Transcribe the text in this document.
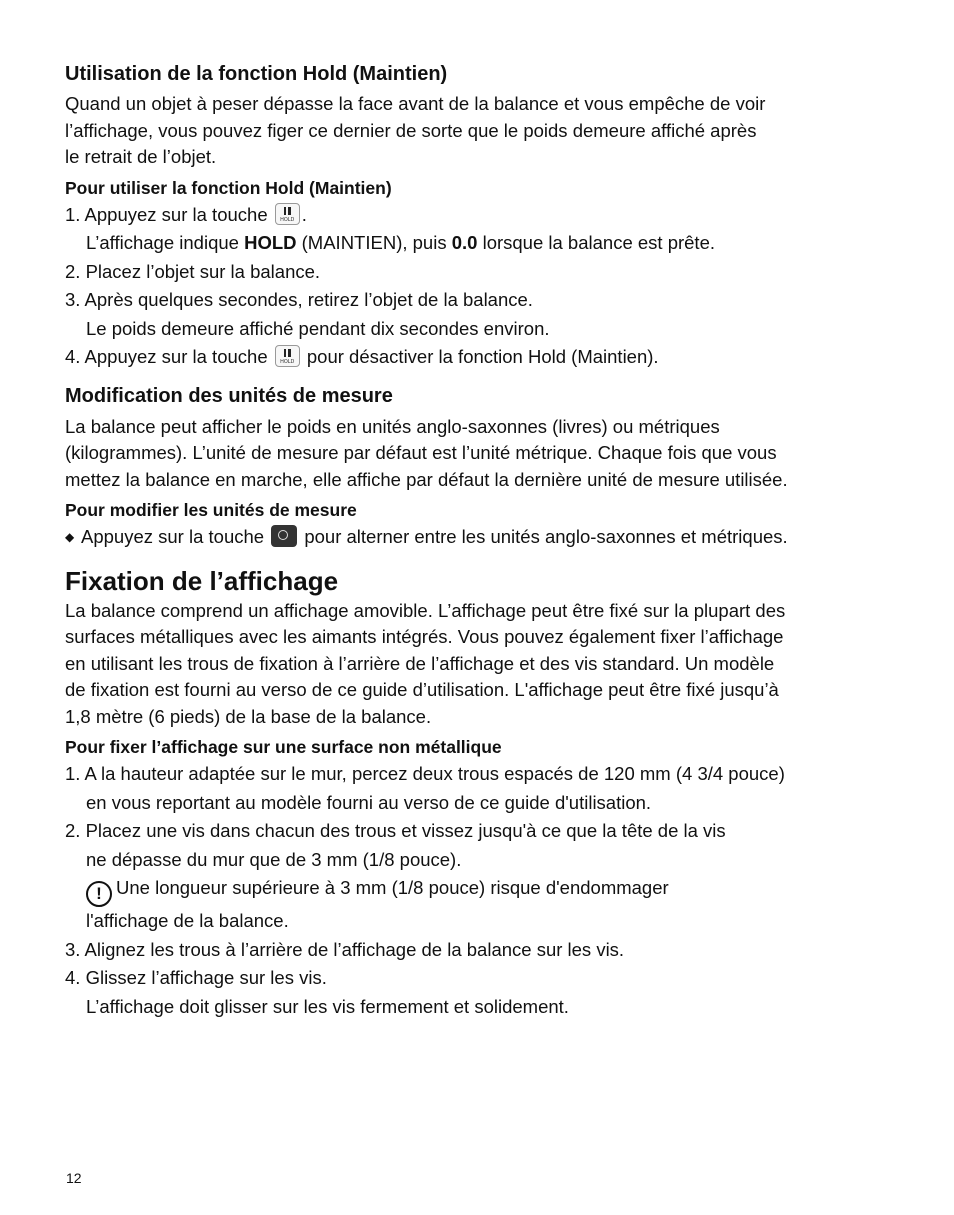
Utilisation de la fonction Hold (Maintien)

Quand un objet à peser dépasse la face avant de la balance et vous empêche de voir
l’affichage, vous pouvez figer ce dernier de sorte que le poids demeure affiché après
le retrait de l’objet.

Pour utiliser la fonction Hold (Maintien)
1. Appuyez sur la touche	HOLD .
L’affichage indique HOLD (MAINTIEN), puis 0.0 lorsque la balance est prête.
2. Placez l’objet sur la balance.
3. Après quelques secondes, retirez l’objet de la balance.
Le poids demeure affiché pendant dix secondes environ.
4. Appuyez sur la touche	HOLD pour désactiver la fonction Hold (Maintien).
Modification des unités de mesure

La balance peut afficher le poids en unités anglo-saxonnes (livres) ou métriques
(kilogrammes). L’unité de mesure par défaut est l’unité métrique. Chaque fois que vous
mettez la balance en marche, elle affiche par défaut la dernière unité de mesure utilisée.

Pour modifier les unités de mesure
◆ Appuyez sur la touche pour alterner entre les unités anglo-saxonnes et métriques.
Fixation de l’affichage

La balance comprend un affichage amovible. L’affichage peut être fixé sur la plupart des
surfaces métalliques avec les aimants intégrés. Vous pouvez également fixer l’affichage
en utilisant les trous de fixation à l’arrière de l’affichage et des vis standard. Un modèle
de fixation est fourni au verso de ce guide d’utilisation. L'affichage peut être fixé jusqu’à
1,8 mètre (6 pieds) de la base de la balance.

Pour fixer l’affichage sur une surface non métallique
1. A la hauteur adaptée sur le mur, percez deux trous espacés de 120 mm (4 3/4 pouce)
en vous reportant au modèle fourni au verso de ce guide d'utilisation.
2. Placez une vis dans chacun des trous et vissez jusqu'à ce que la tête de la vis
ne dépasse du mur que de 3 mm (1/8 pouce).
! Une longueur supérieure à 3 mm (1/8 pouce) risque d'endommager
l'affichage de la balance.
3. Alignez les trous à l’arrière de l’affichage de la balance sur les vis.
4. Glissez l’affichage sur les vis.
L’affichage doit glisser sur les vis fermement et solidement.
12
